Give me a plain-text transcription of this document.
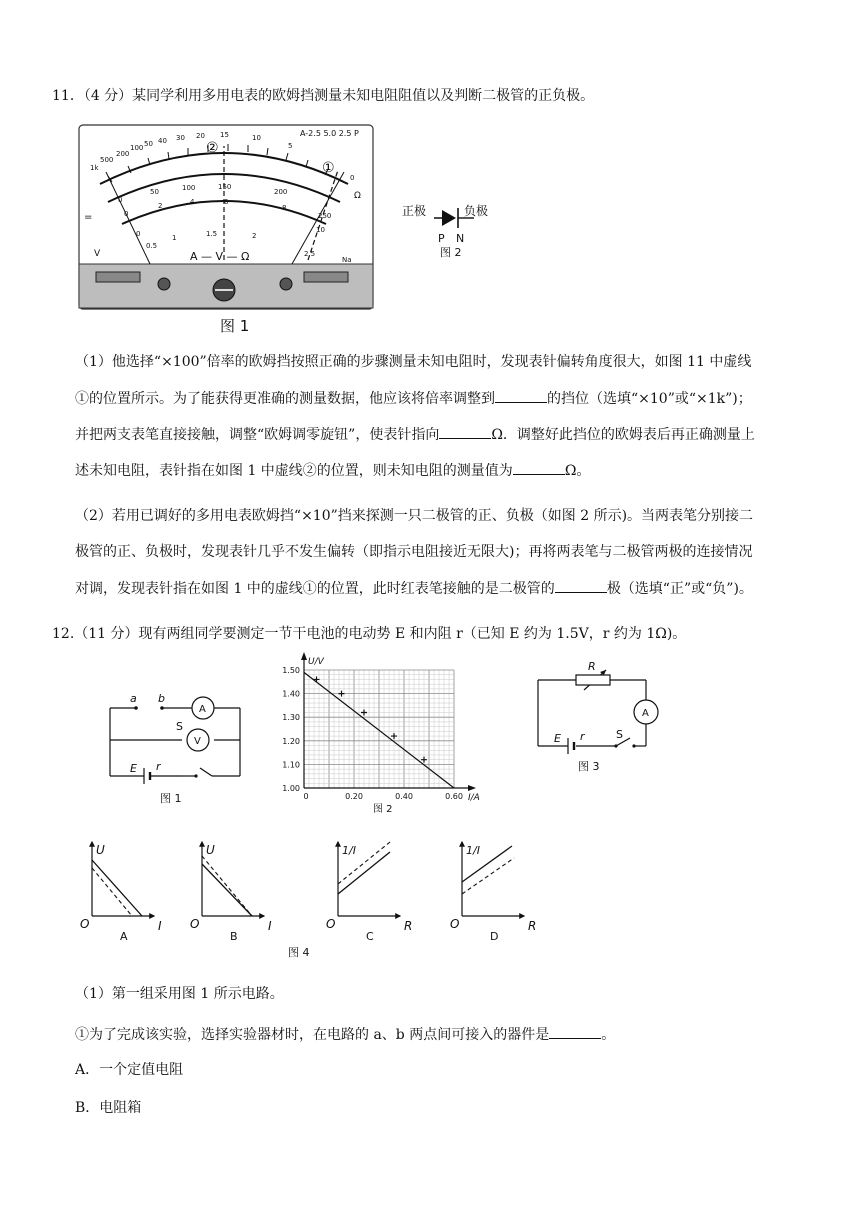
11．（4 分）某同学利用多用电表的欧姆挡测量未知电阻阻值以及判断二极管的正负极。
500
1k
200
100 50 40 30 20 15	10
5
0
0
50	100	150
200
250
0
2	4	6
8
10
0
0.5
1	1.5	2
2.5
Na
A-2.5 5.0 2.5 P
①
②
Ω
=
V	A — V — Ω
图 1
正极	负极
P N
图 2
（1）他选择“×100”倍率的欧姆挡按照正确的步骤测量未知电阻时，发现表针偏转角度很大，如图 11 中虚线
①的位置所示。为了能获得更准确的测量数据，他应该将倍率调整到	的挡位（选填“×10”或“×1k”)；
并把两支表笔直接接触，调整“欧姆调零旋钮”，使表针指向	Ω．调整好此挡位的欧姆表后再正确测量上
述未知电阻，表针指在如图 1 中虚线②的位置，则未知电阻的测量值为	Ω。
（2）若用已调好的多用电表欧姆挡“×10”挡来探测一只二极管的正、负极（如图 2 所示)。当两表笔分别接二
极管的正、负极时，发现表针几乎不发生偏转（即指示电阻接近无限大)；再将两表笔与二极管两极的连接情况
对调，发现表针指在如图 1 中的虚线①的位置，此时红表笔接触的是二极管的	极（选填“正”或“负”)。
12.（11 分）现有两组同学要测定一节干电池的电动势 E 和内阻 r（已知 E 约为 1.5V，r 约为 1Ω)。
a b
E r
S
A
V
图 1
1.00
1.10
1.20
1.30
1.40
1.50
0	0.20	0.40	0.60
U/V
I/A
图 2
R
A
E r	S
图 3
U
I
O
A
U
I
O
B
1/I
R
O
C
1/I
R
O
D
图 4
（1）第一组采用图 1 所示电路。
①为了完成该实验，选择实验器材时，在电路的 a、b 两点间可接入的器件是	。
A．一个定值电阻
B．电阻箱
